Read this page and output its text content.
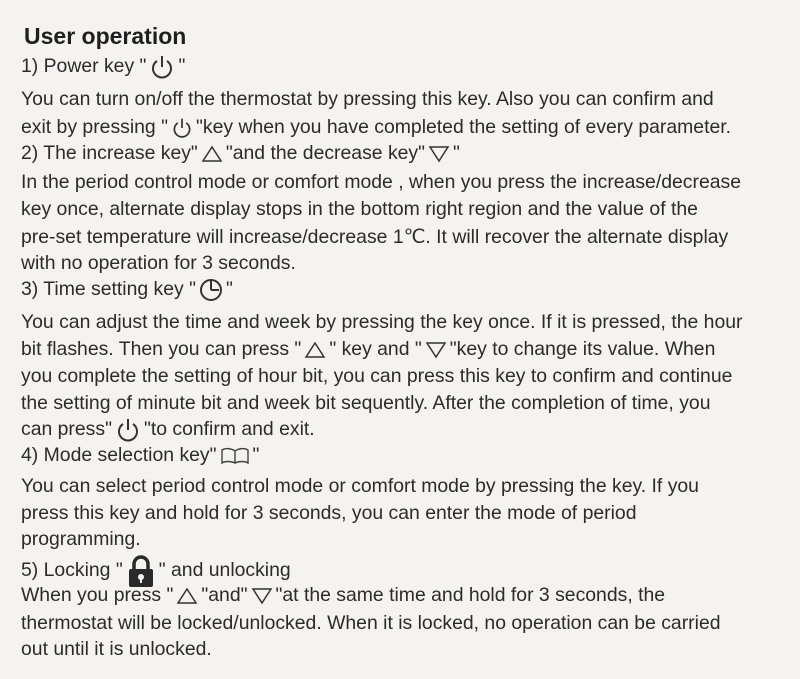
User operation
1) Power key " "
You can turn on/off the thermostat by pressing this key. Also you can confirm and
exit by pressing " "key when you have completed the setting of every parameter.
2) The increase key" "and the decrease key" "
In the period control mode or comfort mode , when you press the increase/decrease
key once, alternate display stops in the bottom right region and the value of the
pre-set temperature will increase/decrease 1℃. It will recover the alternate display
with no operation for 3 seconds.
3) Time setting key " "
You can adjust the time and week by pressing the key once. If it is pressed, the hour
bit flashes. Then you can press " " key and " "key to change its value. When
you complete the setting of hour bit, you can press this key to confirm and continue
the setting of minute bit and week bit sequently. After the completion of time, you
can press" "to confirm and exit.
4) Mode selection key" "
You can select period control mode or comfort mode by pressing the key. If you
press this key and hold for 3 seconds, you can enter the mode of period
programming.
5) Locking " " and unlocking
When you press " "and" "at the same time and hold for 3 seconds, the
thermostat will be locked/unlocked. When it is locked, no operation can be carried
out until it is unlocked.
